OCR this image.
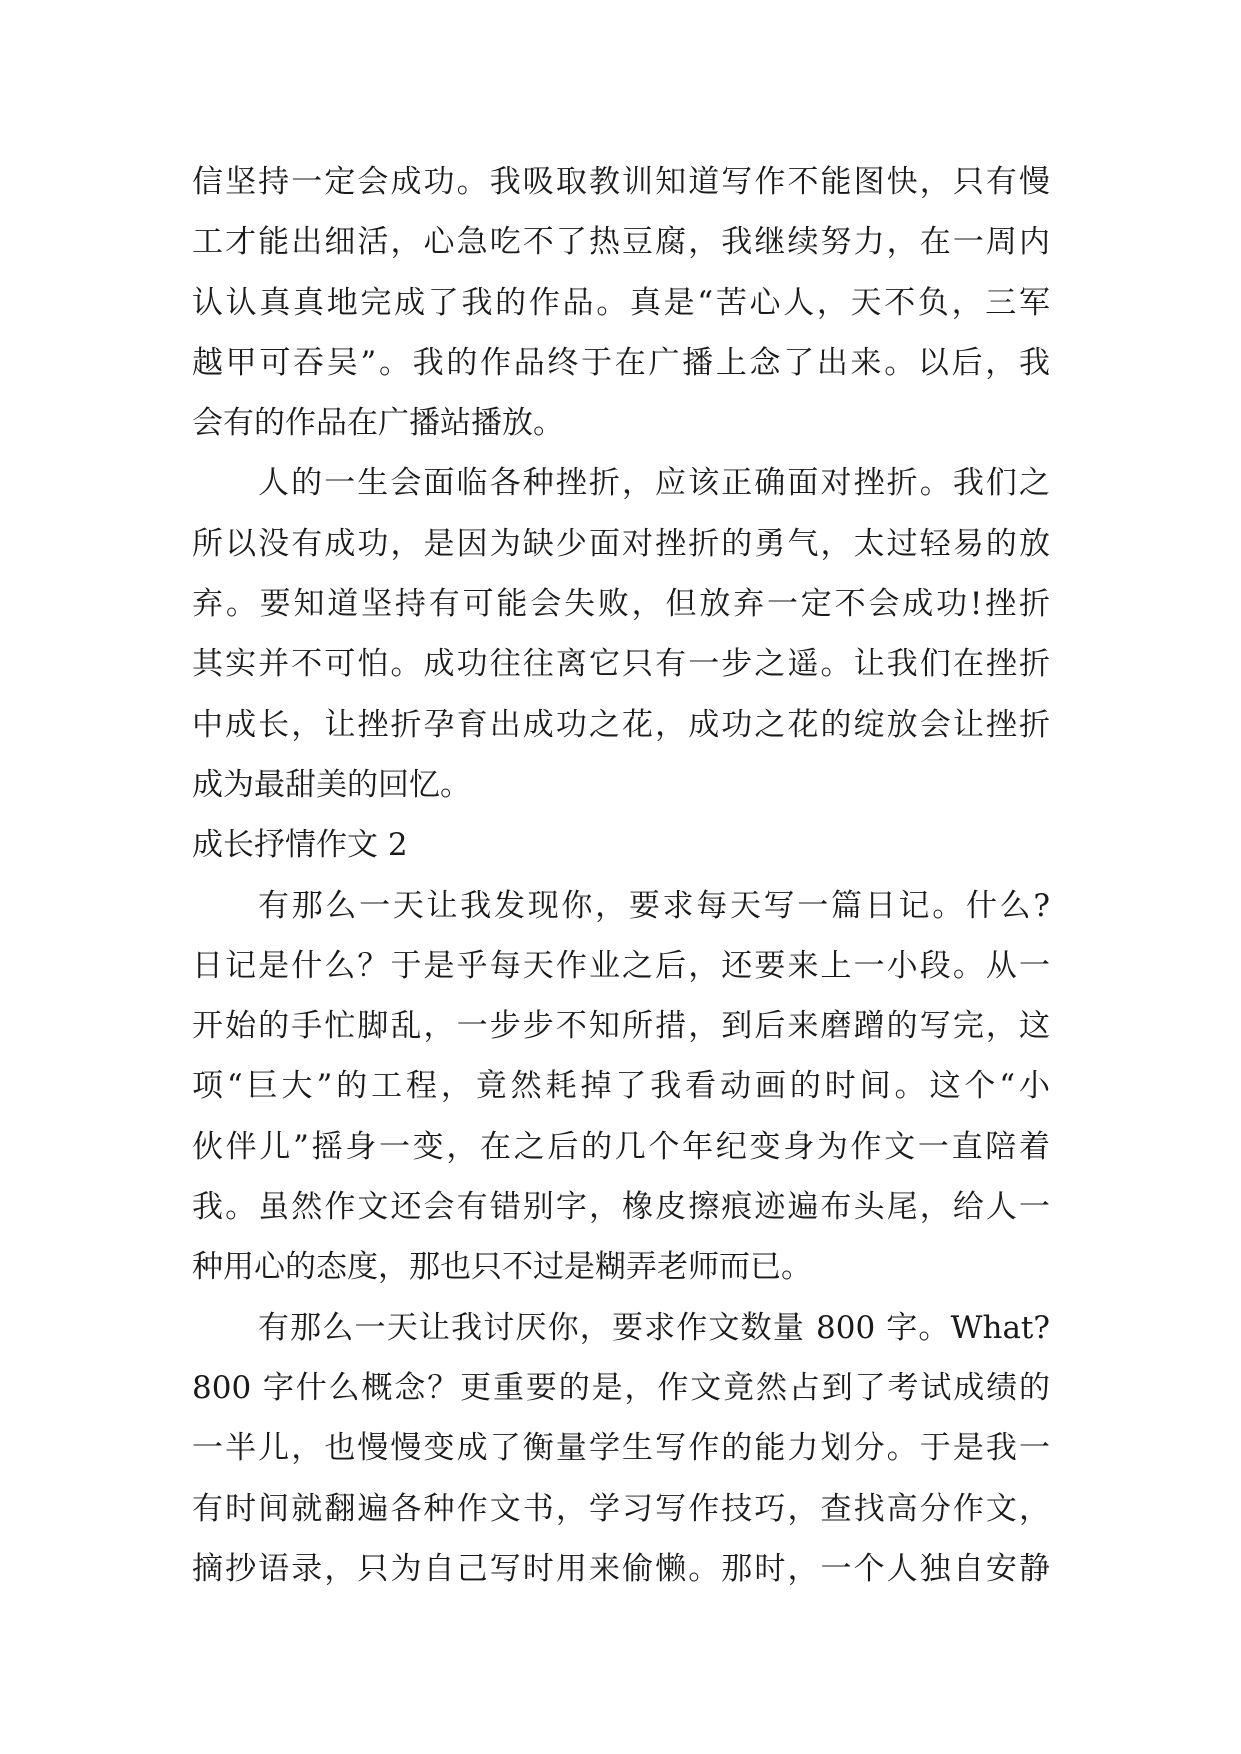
信坚持一定会成功。我吸取教训知道写作不能图快，只有慢
工才能出细活，心急吃不了热豆腐，我继续努力，在一周内
认认真真地完成了我的作品。真是“苦心人，天不负，三军
越甲可吞吴”。我的作品终于在广播上念了出来。以后，我
会有的作品在广播站播放。
人的一生会面临各种挫折，应该正确面对挫折。我们之
所以没有成功，是因为缺少面对挫折的勇气，太过轻易的放
弃。要知道坚持有可能会失败，但放弃一定不会成功!挫折
其实并不可怕。成功往往离它只有一步之遥。让我们在挫折
中成长，让挫折孕育出成功之花，成功之花的绽放会让挫折
成为最甜美的回忆。
成长抒情作文 2
有那么一天让我发现你，要求每天写一篇日记。什么?
日记是什么？于是乎每天作业之后，还要来上一小段。从一
开始的手忙脚乱，一步步不知所措，到后来磨蹭的写完，这
项“巨大”的工程，竟然耗掉了我看动画的时间。这个“小
伙伴儿”摇身一变，在之后的几个年纪变身为作文一直陪着
我。虽然作文还会有错别字，橡皮擦痕迹遍布头尾，给人一
种用心的态度，那也只不过是糊弄老师而已。
有那么一天让我讨厌你，要求作文数量 800 字。What?
800 字什么概念？更重要的是，作文竟然占到了考试成绩的
一半儿，也慢慢变成了衡量学生写作的能力划分。于是我一
有时间就翻遍各种作文书，学习写作技巧，查找高分作文，
摘抄语录，只为自己写时用来偷懒。那时，一个人独自安静
